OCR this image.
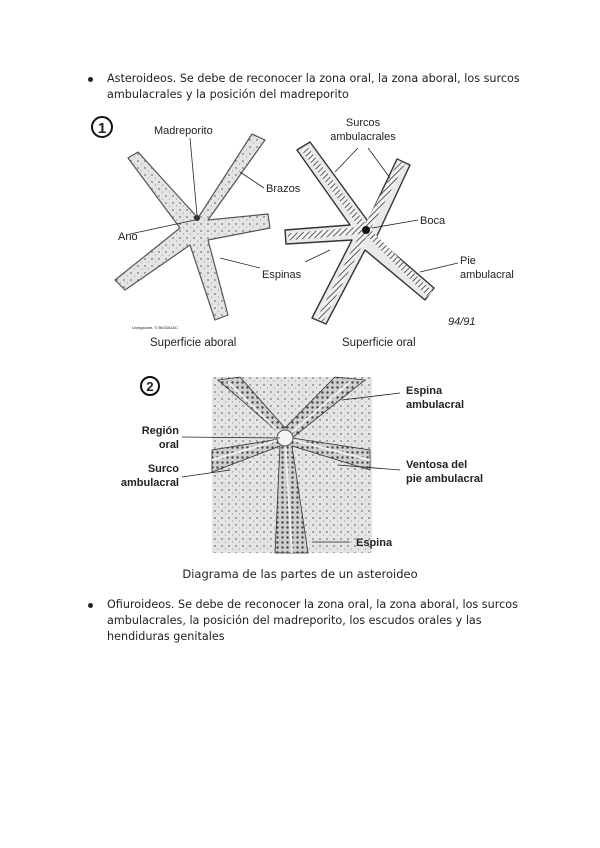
Asteroideos. Se debe de reconocer la zona oral, la zona aboral, los surcos ambulacrales y la posición del madreporito
1	Madreporito
Brazos
Ano
Espinas
Surcos
ambulacrales
Boca
Pie
ambulacral
Livingstone, © BIODIDAC	94/91
Superficie aboral	Superficie oral
2
Región
oral
Surco
ambulacral
Espina
ambulacral
Ventosa del
pie ambulacral
Espina
Diagrama de las partes de un asteroideo
Ofiuroideos. Se debe de reconocer la zona oral, la zona aboral, los surcos ambulacrales, la posición del madreporito, los escudos orales y las hendiduras genitales
